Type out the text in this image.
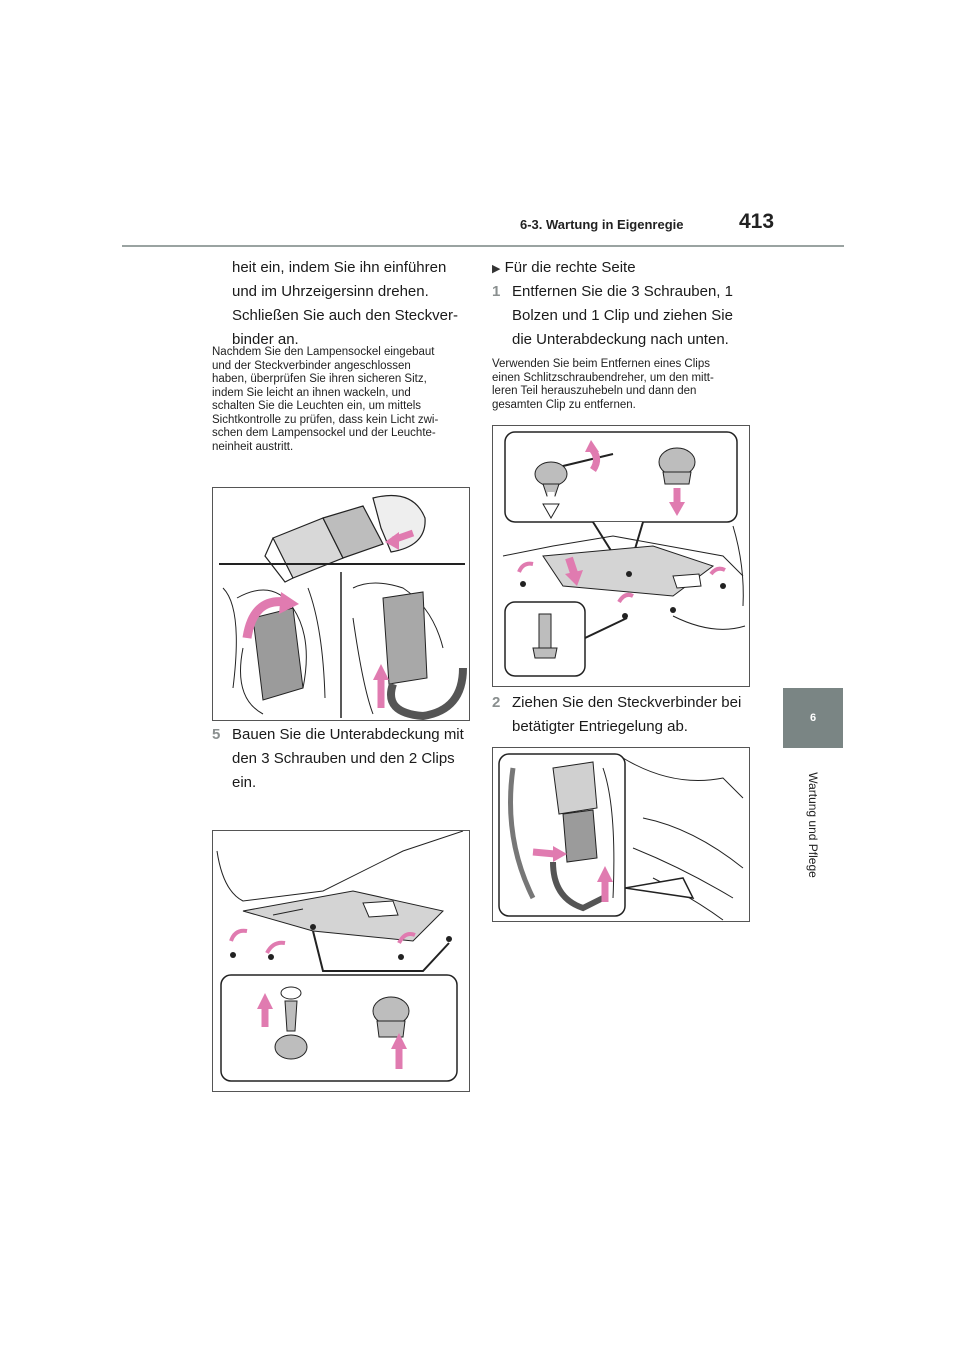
6-3. Wartung in Eigenregie	413
6
Wartung und Pflege
heit ein, indem Sie ihn einführen
und im Uhrzeigersinn drehen.
Schließen Sie auch den Steckver-
binder an.
Nachdem Sie den Lampensockel eingebaut
und der Steckverbinder angeschlossen
haben, überprüfen Sie ihren sicheren Sitz,
indem Sie leicht an ihnen wackeln, und
schalten Sie die Leuchten ein, um mittels
Sichtkontrolle zu prüfen, dass kein Licht zwi-
schen dem Lampensockel und der Leuchte-
neinheit austritt.
5 Bauen Sie die Unterabdeckung mit
den 3 Schrauben und den 2 Clips
ein.
▶ Für die rechte Seite
1 Entfernen Sie die 3 Schrauben, 1
Bolzen und 1 Clip und ziehen Sie
die Unterabdeckung nach unten.
Verwenden Sie beim Entfernen eines Clips
einen Schlitzschraubendreher, um den mitt-
leren Teil herauszuhebeln und dann den
gesamten Clip zu entfernen.
2 Ziehen Sie den Steckverbinder bei
betätigter Entriegelung ab.
